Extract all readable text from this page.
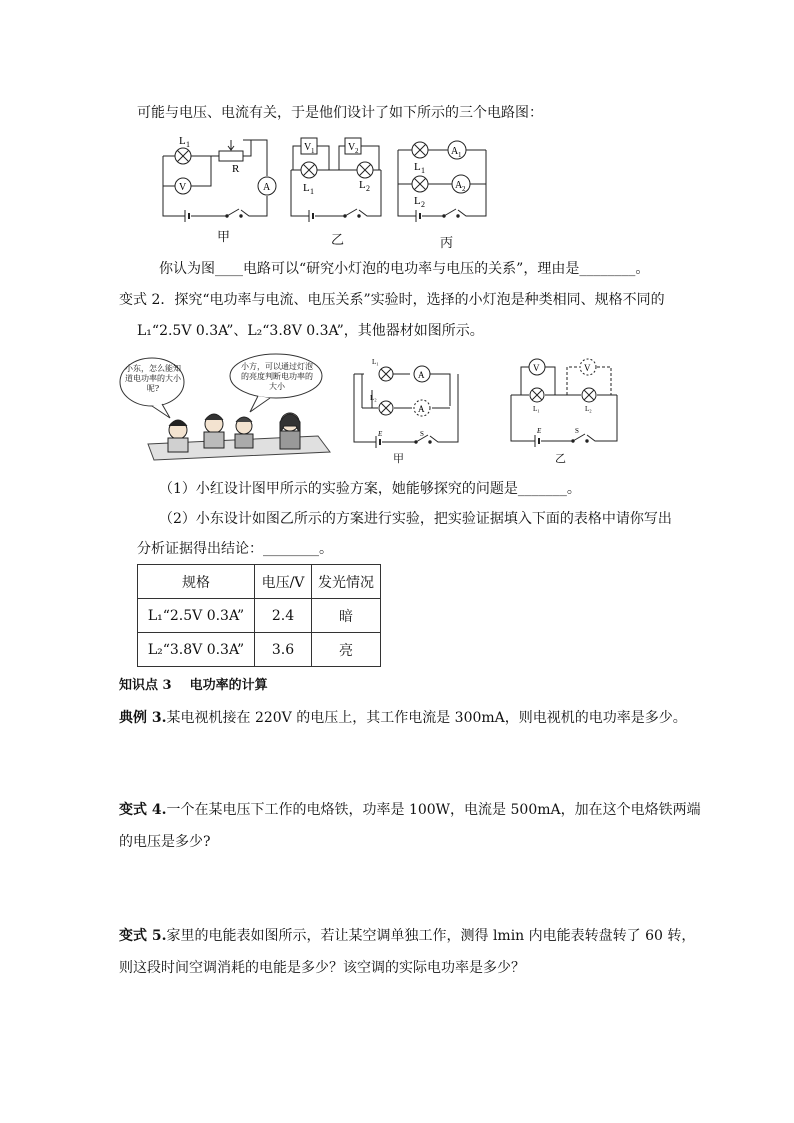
可能与电压、电流有关，于是他们设计了如下所示的三个电路图：
L 1
R
V	A
甲
V 1	V 2
L 1
L 2
乙
A 1
A 2
L 1
L 2
丙
你认为图____电路可以“研究小灯泡的电功率与电压的关系”，理由是________。
变式 2．探究“电功率与电流、电压关系”实验时，选择的小灯泡是种类相同、规格不同的
L₁“2.5V 0.3A”、L₂“3.8V 0.3A”，其他器材如图所示。
小东，怎么能知道电功率的大小呢?
小方，可以通过灯泡的亮度判断电功率的大小
L₁
L₂
A
A
E	S
甲
V	V
L₁	L₂
E	S
乙
（1）小红设计图甲所示的实验方案，她能够探究的问题是_______。
（2）小东设计如图乙所示的方案进行实验，把实验证据填入下面的表格中请你写出
分析证据得出结论：________。
规格	电压/V	发光情况
L₁“2.5V 0.3A”	2.4	暗
L₂“3.8V 0.3A”	3.6	亮
知识点 3 电功率的计算
典例 3.某电视机接在 220V 的电压上，其工作电流是 300mA，则电视机的电功率是多少。
变式 4.一个在某电压下工作的电烙铁，功率是 100W，电流是 500mA，加在这个电烙铁两端
的电压是多少?
变式 5.家里的电能表如图所示，若让某空调单独工作，测得 lmin 内电能表转盘转了 60 转，
则这段时间空调消耗的电能是多少？该空调的实际电功率是多少？
